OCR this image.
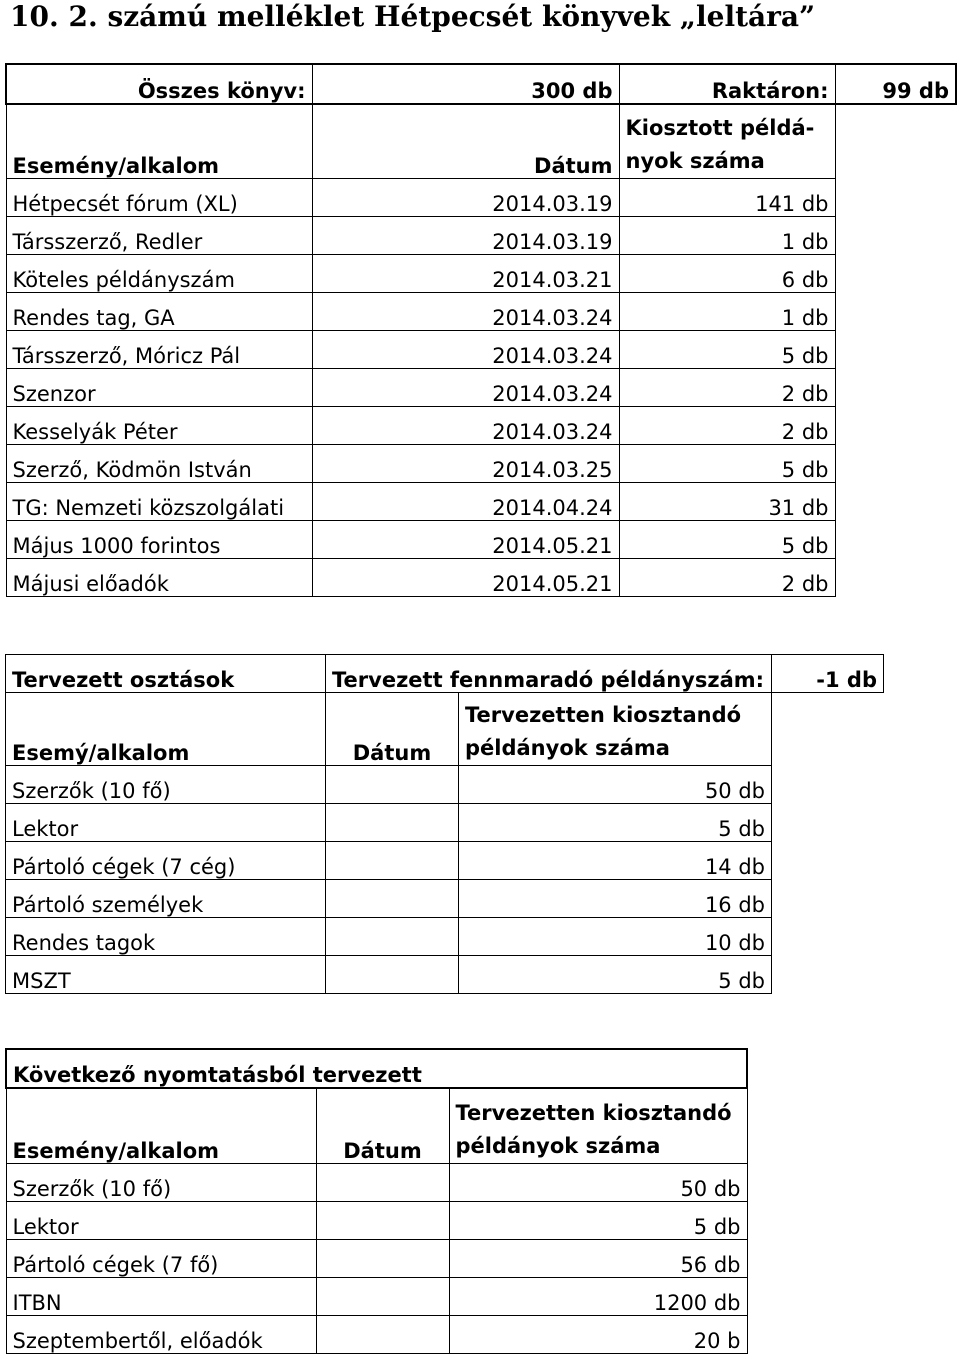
10. 2. számú melléklet Hétpecsét könyvek „leltára”
Összes könyv:	300 db	Raktáron:	99 db
Esemény/alkalom	Dátum	Kiosztott példá-nyok száma	
Hétpecsét fórum (XL)	2014.03.19	141 db	
Társszerző, Redler	2014.03.19	1 db	
Köteles példányszám	2014.03.21	6 db	
Rendes tag, GA	2014.03.24	1 db	
Társszerző, Móricz Pál	2014.03.24	5 db	
Szenzor	2014.03.24	2 db	
Kesselyák Péter	2014.03.24	2 db	
Szerző, Ködmön István	2014.03.25	5 db	
TG: Nemzeti közszolgálati	2014.04.24	31 db	
Május 1000 forintos	2014.05.21	5 db	
Májusi előadók	2014.05.21	2 db	
Tervezett osztások	Tervezett fennmaradó példányszám:		-1 db
Esemý/alkalom	Dátum	Tervezetten kiosztandó példányok száma	
Szerzők (10 fő)		50 db	
Lektor		5 db	
Pártoló cégek (7 cég)		14 db	
Pártoló személyek		16 db	
Rendes tagok		10 db	
MSZT		5 db	
Következő nyomtatásból tervezett		
Esemény/alkalom	Dátum	Tervezetten kiosztandó példányok száma
Szerzők (10 fő)		50 db
Lektor		5 db
Pártoló cégek (7 fő)		56 db
ITBN		1200 db
Szeptembertől, előadók		20 b
